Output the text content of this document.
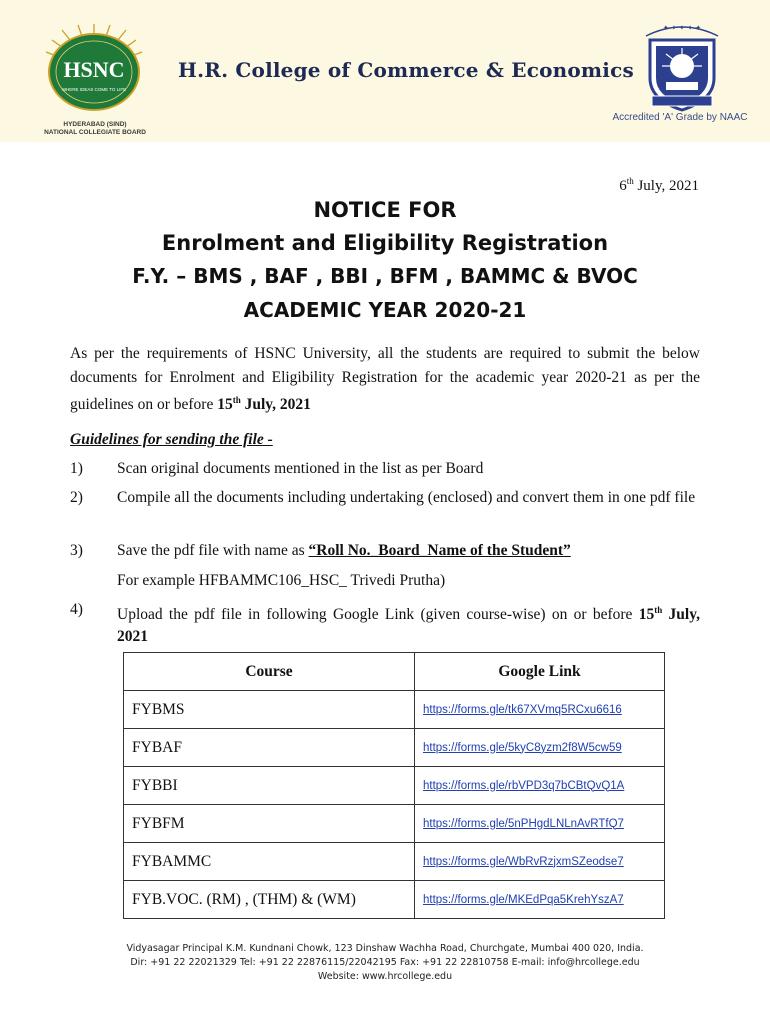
HSNC
WHERE IDEAS COME TO LIFE
HYDERABAD (SIND)
NATIONAL COLLEGIATE BOARD
H.R. College of Commerce & Economics
✦ ✦ ✦ ✦ ✦
Accredited 'A' Grade by NAAC
6th July, 2021
NOTICE FOR
Enrolment and Eligibility Registration
F.Y. – BMS , BAF , BBI , BFM , BAMMC & BVOC
ACADEMIC YEAR 2020-21
As per the requirements of HSNC University, all the students are required to submit the below documents for Enrolment and Eligibility Registration for the academic year 2020-21 as per the guidelines on or before 15th July, 2021
Guidelines for sending the file -
1) Scan original documents mentioned in the list as per Board
2) Compile all the documents including undertaking (enclosed) and convert them in one pdf file
3) Save the pdf file with name as “Roll No._Board_Name of the Student”
For example HFBAMMC106_HSC_ Trivedi Prutha)
4) Upload the pdf file in following Google Link (given course-wise) on or before 15th July, 2021
Course	Google Link
FYBMS	https://forms.gle/tk67XVmq5RCxu6616
FYBAF	https://forms.gle/5kyC8yzm2f8W5cw59
FYBBI	https://forms.gle/rbVPD3q7bCBtQvQ1A
FYBFM	https://forms.gle/5nPHgdLNLnAvRTfQ7
FYBAMMC	https://forms.gle/WbRvRzjxmSZeodse7
FYB.VOC. (RM) , (THM) & (WM)	https://forms.gle/MKEdPqa5KrehYszA7
Vidyasagar Principal K.M. Kundnani Chowk, 123 Dinshaw Wachha Road, Churchgate, Mumbai 400 020, India.
Dir: +91 22 22021329 Tel: +91 22 22876115/22042195 Fax: +91 22 22810758 E-mail: info@hrcollege.edu
Website: www.hrcollege.edu
